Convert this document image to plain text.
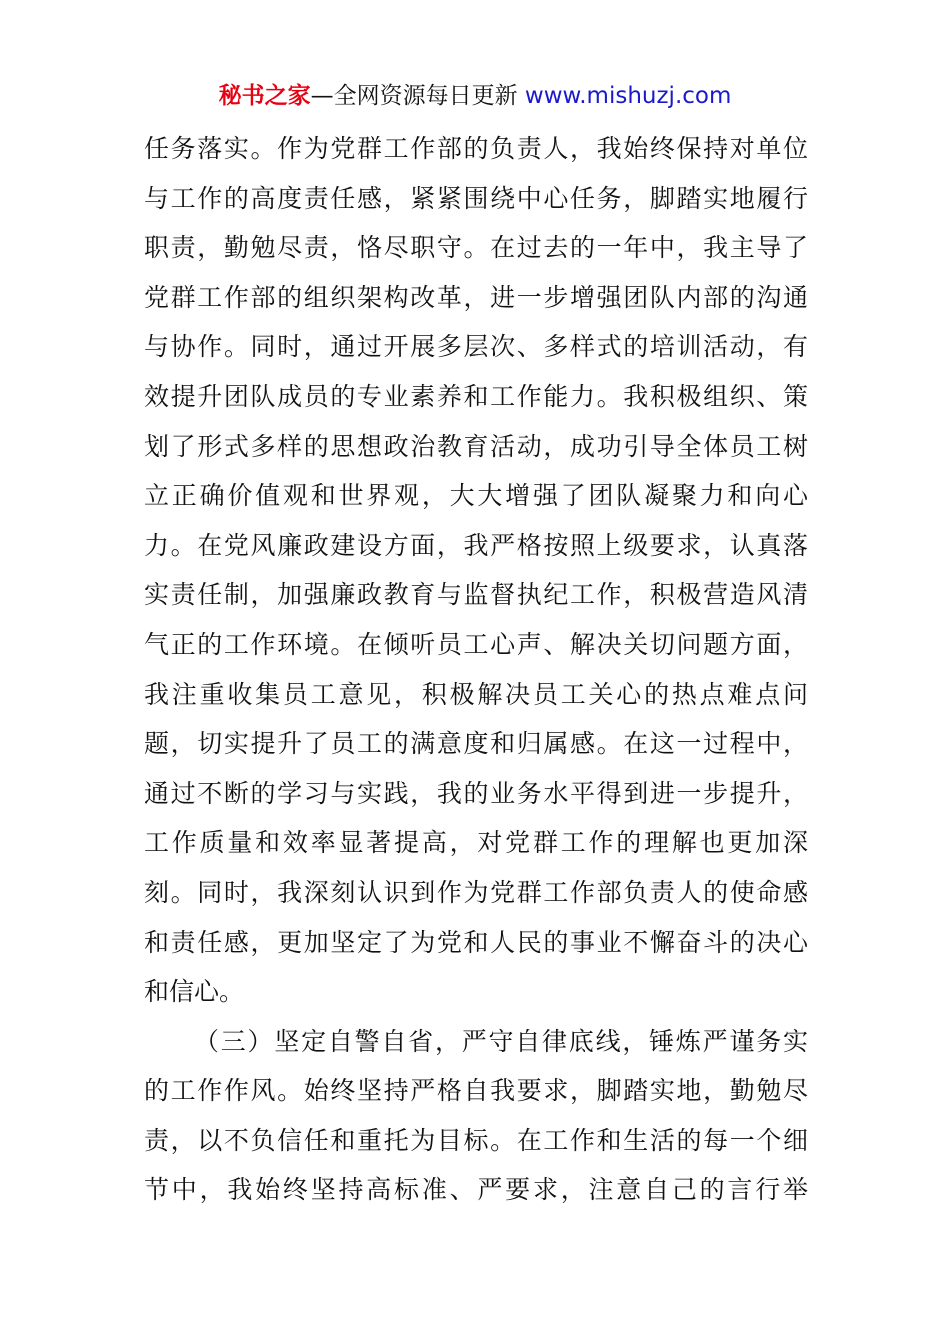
秘书之家—全网资源每日更新 www.mishuzj.com
任务落实。作为党群工作部的负责人，我始终保持对单位
与工作的高度责任感，紧紧围绕中心任务，脚踏实地履行
职责，勤勉尽责，恪尽职守。在过去的一年中，我主导了
党群工作部的组织架构改革，进一步增强团队内部的沟通
与协作。同时，通过开展多层次、多样式的培训活动，有
效提升团队成员的专业素养和工作能力。我积极组织、策
划了形式多样的思想政治教育活动，成功引导全体员工树
立正确价值观和世界观，大大增强了团队凝聚力和向心
力。在党风廉政建设方面，我严格按照上级要求，认真落
实责任制，加强廉政教育与监督执纪工作，积极营造风清
气正的工作环境。在倾听员工心声、解决关切问题方面，
我注重收集员工意见，积极解决员工关心的热点难点问
题，切实提升了员工的满意度和归属感。在这一过程中，
通过不断的学习与实践，我的业务水平得到进一步提升，
工作质量和效率显著提高，对党群工作的理解也更加深
刻。同时，我深刻认识到作为党群工作部负责人的使命感
和责任感，更加坚定了为党和人民的事业不懈奋斗的决心
和信心。
（三）坚定自警自省，严守自律底线，锤炼严谨务实
的工作作风。始终坚持严格自我要求，脚踏实地，勤勉尽
责，以不负信任和重托为目标。在工作和生活的每一个细
节中，我始终坚持高标准、严要求，注意自己的言行举
